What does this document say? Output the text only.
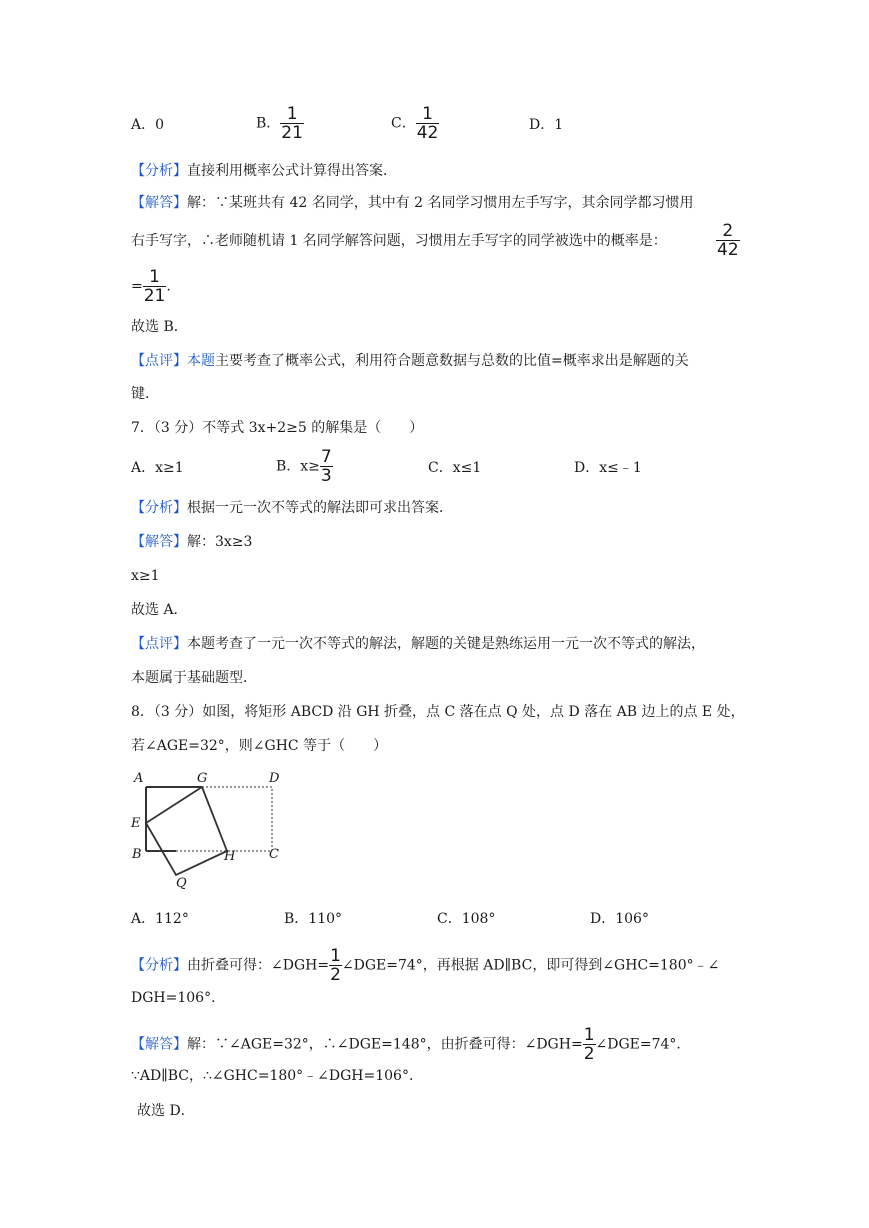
A．0	B． $\frac{1}{21}$	C． $\frac{1}{42}$	D．1
【分析】直接利用概率公式计算得出答案．
【解答】解：∵某班共有 42 名同学，其中有 2 名同学习惯用左手写字，其余同学都习惯用
右手写字，∴老师随机请 1 名同学解答问题，习惯用左手写字的同学被选中的概率是：	$\frac{2}{42}$
= $\frac{1}{21}$ .
故选 B．
【点评】本题主要考查了概率公式，利用符合题意数据与总数的比值=概率求出是解题的关
键．
7．（3 分）不等式 3x+2≥5 的解集是（　　）
A．x≥1	B．$x\ge \frac{7}{3}$	C．x≤1	D．x≤﹣1
【分析】根据一元一次不等式的解法即可求出答案．
【解答】解：3x≥3
x≥1
故选 A．
【点评】本题考查了一元一次不等式的解法，解题的关键是熟练运用一元一次不等式的解法，
本题属于基础题型．
8．（3 分）如图，将矩形 ABCD 沿 GH 折叠，点 C 落在点 Q 处，点 D 落在 AB 边上的点 E 处，
若∠AGE=32°，则∠GHC 等于（　　）
A	G	D
E
B	H	C
Q
A．112°	B．110°	C．108°	D．106°
【分析】由折叠可得：∠DGH= $\frac{1}{2}$ ∠DGE=74°，再根据 AD∥BC，即可得到∠GHC=180°﹣∠
DGH=106°．
【解答】解：∵∠AGE=32°，∴∠DGE=148°，由折叠可得：∠DGH= $\frac{1}{2}$ ∠DGE=74°．
∵AD∥BC，∴∠GHC=180°﹣∠DGH=106°．
故选 D．
